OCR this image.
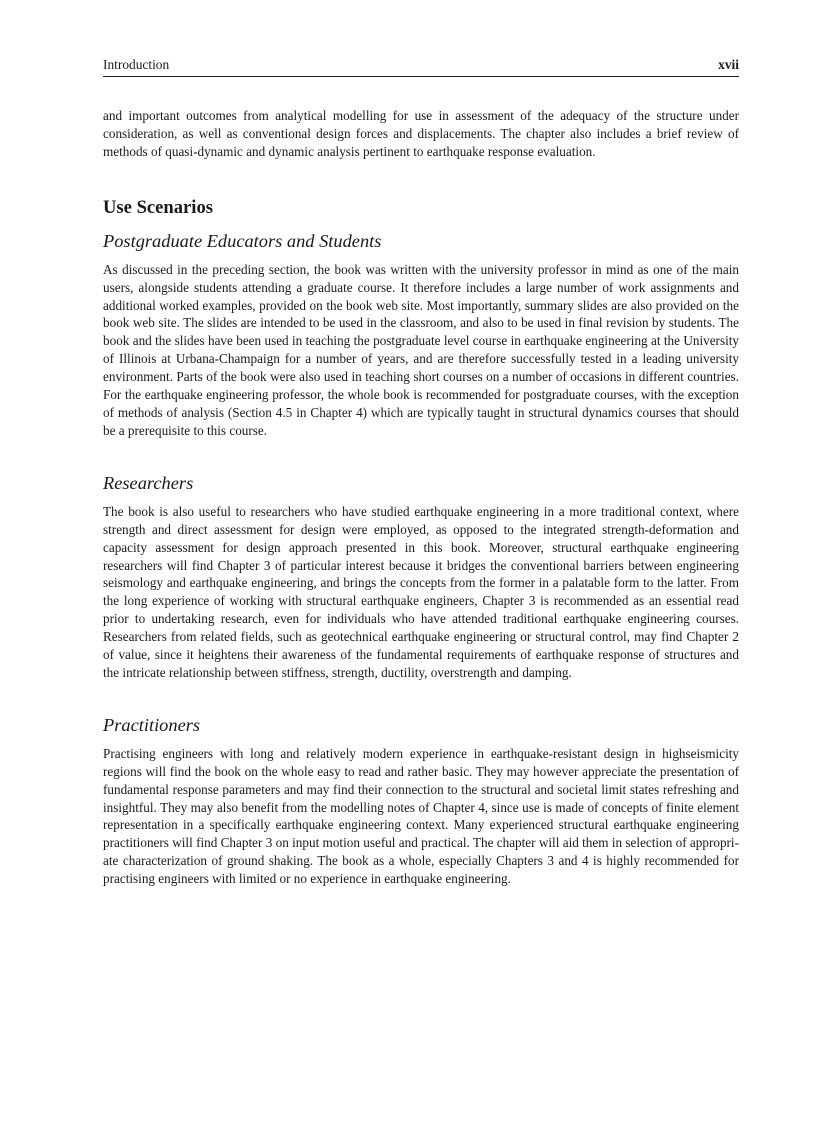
Introduction	xvii

and important outcomes from analytical modelling for use in assessment of the adequacy of the structure under consideration, as well as conventional design forces and displacements. The chapter also includes a brief review of methods of quasi-dynamic and dynamic analysis pertinent to earthquake response evaluation.

Use Scenarios
Postgraduate Educators and Students

As discussed in the preceding section, the book was written with the university professor in mind as one of the main users, alongside students attending a graduate course. It therefore includes a large number of work assignments and additional worked examples, provided on the book web site. Most importantly, summary slides are also provided on the book web site. The slides are intended to be used in the classroom, and also to be used in final revision by students. The book and the slides have been used in teaching the postgraduate level course in earthquake engineering at the University of Illinois at Urbana-Champaign for a number of years, and are therefore successfully tested in a leading university environment. Parts of the book were also used in teaching short courses on a number of occasions in different countries. For the earthquake engineering professor, the whole book is recommended for postgraduate courses, with the exception of methods of analysis (Section 4.5 in Chapter 4) which are typically taught in structural dynamics courses that should be a prerequisite to this course.

Researchers

The book is also useful to researchers who have studied earthquake engineering in a more traditional context, where strength and direct assessment for design were employed, as opposed to the integrated strength-deformation and capacity assessment for design approach presented in this book. Moreover, structural earthquake engineering researchers will find Chapter 3 of particular interest because it bridges the conventional barriers between engineering seismology and earthquake engineering, and brings the concepts from the former in a palatable form to the latter. From the long experience of working with structural earthquake engineers, Chapter 3 is recommended as an essential read prior to undertaking research, even for individuals who have attended traditional earthquake engineering courses. Researchers from related fields, such as geotechnical earthquake engineering or structural control, may find Chapter 2 of value, since it heightens their awareness of the fundamental requirements of earthquake response of structures and the intricate relationship between stiffness, strength, ductility, overstrength and damping.

Practitioners

Practising engineers with long and relatively modern experience in earthquake-resistant design in highseismicity regions will find the book on the whole easy to read and rather basic. They may however appreciate the presentation of fundamental response parameters and may find their connection to the structural and societal limit states refreshing and insightful. They may also benefit from the modelling notes of Chapter 4, since use is made of concepts of finite element representation in a specifically earthquake engineering context. Many experienced structural earthquake engineering practitioners will find Chapter 3 on input motion useful and practical. The chapter will aid them in selection of appropriate characterization of ground shaking. The book as a whole, especially Chapters 3 and 4 is highly recommended for practising engineers with limited or no experience in earthquake engineering.
